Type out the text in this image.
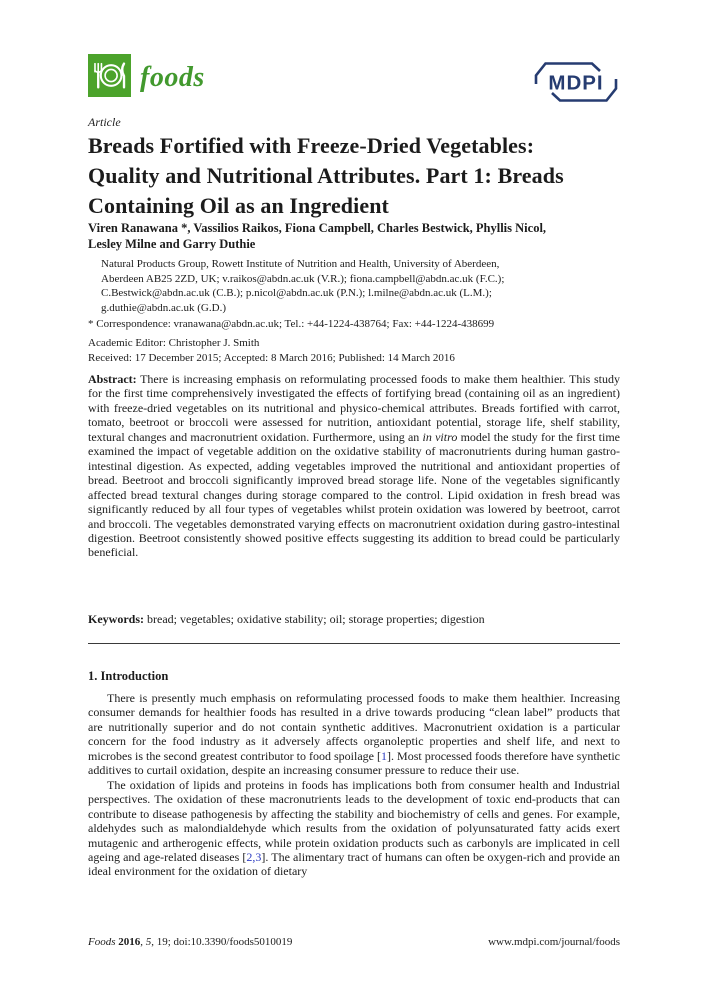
foods	MDPI
Article
Breads Fortified with Freeze-Dried Vegetables:
Quality and Nutritional Attributes. Part 1: Breads
Containing Oil as an Ingredient
Viren Ranawana *, Vassilios Raikos, Fiona Campbell, Charles Bestwick, Phyllis Nicol,
Lesley Milne and Garry Duthie
Natural Products Group, Rowett Institute of Nutrition and Health, University of Aberdeen,
Aberdeen AB25 2ZD, UK; v.raikos@abdn.ac.uk (V.R.); fiona.campbell@abdn.ac.uk (F.C.);
C.Bestwick@abdn.ac.uk (C.B.); p.nicol@abdn.ac.uk (P.N.); l.milne@abdn.ac.uk (L.M.);
g.duthie@abdn.ac.uk (G.D.)
* Correspondence: vranawana@abdn.ac.uk; Tel.: +44-1224-438764; Fax: +44-1224-438699
Academic Editor: Christopher J. Smith
Received: 17 December 2015; Accepted: 8 March 2016; Published: 14 March 2016
Abstract: There is increasing emphasis on reformulating processed foods to make them healthier. This study for the first time comprehensively investigated the effects of fortifying bread (containing oil as an ingredient) with freeze-dried vegetables on its nutritional and physico-chemical attributes. Breads fortified with carrot, tomato, beetroot or broccoli were assessed for nutrition, antioxidant potential, storage life, shelf stability, textural changes and macronutrient oxidation. Furthermore, using an in vitro model the study for the first time examined the impact of vegetable addition on the oxidative stability of macronutrients during human gastro-intestinal digestion. As expected, adding vegetables improved the nutritional and antioxidant properties of bread. Beetroot and broccoli significantly improved bread storage life. None of the vegetables significantly affected bread textural changes during storage compared to the control. Lipid oxidation in fresh bread was significantly reduced by all four types of vegetables whilst protein oxidation was lowered by beetroot, carrot and broccoli. The vegetables demonstrated varying effects on macronutrient oxidation during gastro-intestinal digestion. Beetroot consistently showed positive effects suggesting its addition to bread could be particularly beneficial.
Keywords: bread; vegetables; oxidative stability; oil; storage properties; digestion
1. Introduction

There is presently much emphasis on reformulating processed foods to make them healthier. Increasing consumer demands for healthier foods has resulted in a drive towards producing “clean label” products that are nutritionally superior and do not contain synthetic additives. Macronutrient oxidation is a particular concern for the food industry as it adversely affects organoleptic properties and shelf life, and next to microbes is the second greatest contributor to food spoilage [1]. Most processed foods therefore have synthetic additives to curtail oxidation, despite an increasing consumer pressure to reduce their use.

The oxidation of lipids and proteins in foods has implications both from consumer health and Industrial perspectives. The oxidation of these macronutrients leads to the development of toxic end-products that can contribute to disease pathogenesis by affecting the stability and biochemistry of cells and genes. For example, aldehydes such as malondialdehyde which results from the oxidation of polyunsaturated fatty acids exert mutagenic and artherogenic effects, while protein oxidation products such as carbonyls are implicated in cell ageing and age-related diseases [2,3]. The alimentary tract of humans can often be oxygen-rich and provide an ideal environment for the oxidation of dietary

Foods 2016, 5, 19; doi:10.3390/foods5010019	www.mdpi.com/journal/foods
